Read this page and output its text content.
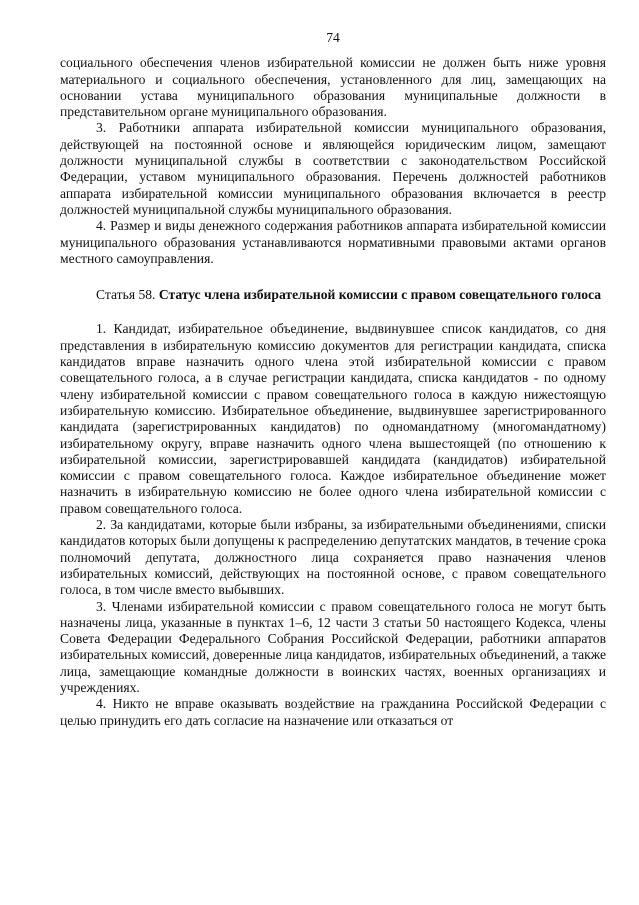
74

социального обеспечения членов избирательной комиссии не должен быть ниже уровня материального и социального обеспечения, установленного для лиц, замещающих на основании устава муниципального образования муниципальные должности в представительном органе муниципального образования.

3. Работники аппарата избирательной комиссии муниципального образования, действующей на постоянной основе и являющейся юридическим лицом, замещают должности муниципальной службы в соответствии с законодательством Российской Федерации, уставом муниципального образования. Перечень должностей работников аппарата избирательной комиссии муниципального образования включается в реестр должностей муниципальной службы муниципального образования.

4. Размер и виды денежного содержания работников аппарата избирательной комиссии муниципального образования устанавливаются нормативными правовыми актами органов местного самоуправления.

Статья 58. Статус члена избирательной комиссии с правом совещательного голоса

1. Кандидат, избирательное объединение, выдвинувшее список кандидатов, со дня представления в избирательную комиссию документов для регистрации кандидата, списка кандидатов вправе назначить одного члена этой избирательной комиссии с правом совещательного голоса, а в случае регистрации кандидата, списка кандидатов - по одному члену избирательной комиссии с правом совещательного голоса в каждую нижестоящую избирательную комиссию. Избирательное объединение, выдвинувшее зарегистрированного кандидата (зарегистрированных кандидатов) по одномандатному (многомандатному) избирательному округу, вправе назначить одного члена вышестоящей (по отношению к избирательной комиссии, зарегистрировавшей кандидата (кандидатов) избирательной комиссии с правом совещательного голоса. Каждое избирательное объединение может назначить в избирательную комиссию не более одного члена избирательной комиссии с правом совещательного голоса.

2. За кандидатами, которые были избраны, за избирательными объединениями, списки кандидатов которых были допущены к распределению депутатских мандатов, в течение срока полномочий депутата, должностного лица сохраняется право назначения членов избирательных комиссий, действующих на постоянной основе, с правом совещательного голоса, в том числе вместо выбывших.

3. Членами избирательной комиссии с правом совещательного голоса не могут быть назначены лица, указанные в пунктах 1–6, 12 части 3 статьи 50 настоящего Кодекса, члены Совета Федерации Федерального Собрания Российской Федерации, работники аппаратов избирательных комиссий, доверенные лица кандидатов, избирательных объединений, а также лица, замещающие командные должности в воинских частях, военных организациях и учреждениях.

4. Никто не вправе оказывать воздействие на гражданина Российской Федерации с целью принудить его дать согласие на назначение или отказаться от
